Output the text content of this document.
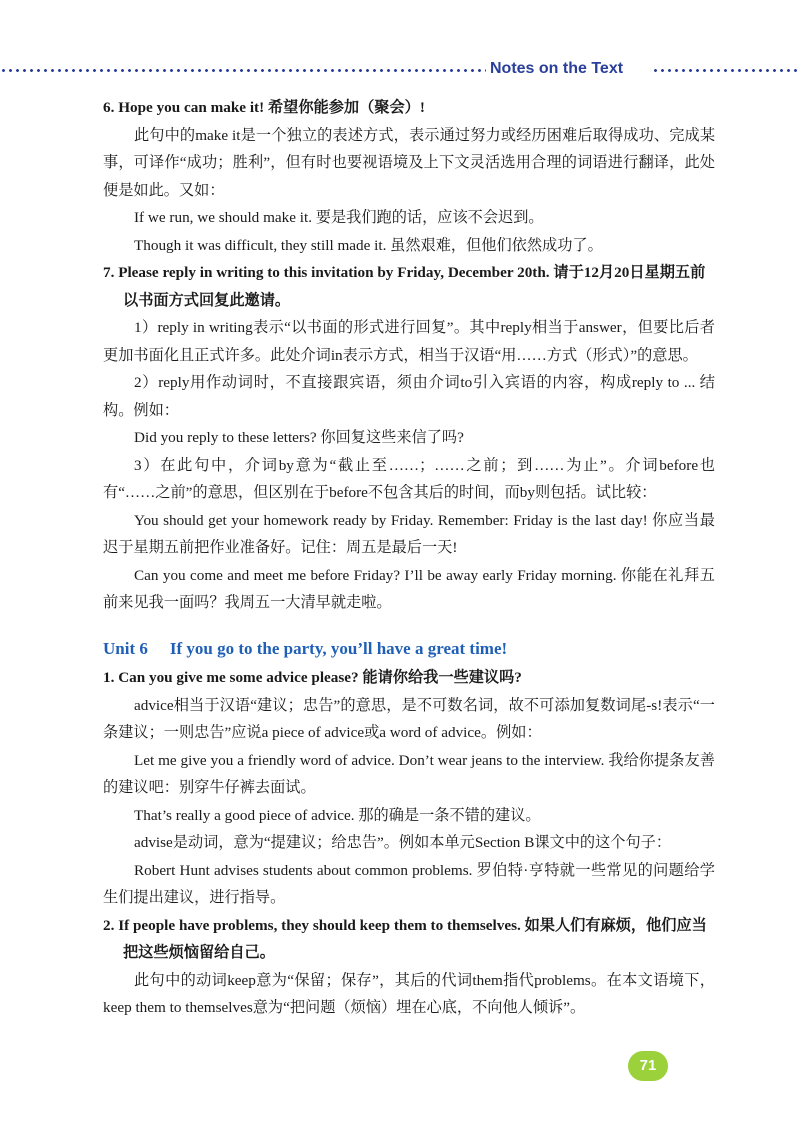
Notes on the Text

6. Hope you can make it! 希望你能参加（聚会）!

此句中的make it是一个独立的表述方式，表示通过努力或经历困难后取得成功、完成某事，可译作“成功；胜利”，但有时也要视语境及上下文灵活选用合理的词语进行翻译，此处便是如此。又如：

If we run, we should make it. 要是我们跑的话，应该不会迟到。

Though it was difficult, they still made it. 虽然艰难，但他们依然成功了。

7. Please reply in writing to this invitation by Friday, December 20th. 请于12月20日星期五前以书面方式回复此邀请。

1）reply in writing表示“以书面的形式进行回复”。其中reply相当于answer，但要比后者更加书面化且正式许多。此处介词in表示方式，相当于汉语“用……方式（形式）”的意思。

2）reply用作动词时，不直接跟宾语，须由介词to引入宾语的内容，构成reply to ... 结构。例如：

Did you reply to these letters? 你回复这些来信了吗?

3）在此句中，介词by意为“截止至……；……之前；到……为止”。介词before也有“……之前”的意思，但区别在于before不包含其后的时间，而by则包括。试比较：

You should get your homework ready by Friday. Remember: Friday is the last day! 你应当最迟于星期五前把作业准备好。记住：周五是最后一天!

Can you come and meet me before Friday? I’ll be away early Friday morning. 你能在礼拜五前来见我一面吗？我周五一大清早就走啦。

Unit 6 If you go to the party, you’ll have a great time!

1. Can you give me some advice please? 能请你给我一些建议吗?

advice相当于汉语“建议；忠告”的意思，是不可数名词，故不可添加复数词尾-s!表示“一条建议；一则忠告”应说a piece of advice或a word of advice。例如：

Let me give you a friendly word of advice. Don’t wear jeans to the interview. 我给你提条友善的建议吧：别穿牛仔裤去面试。

That’s really a good piece of advice. 那的确是一条不错的建议。

advise是动词，意为“提建议；给忠告”。例如本单元Section B课文中的这个句子：

Robert Hunt advises students about common problems. 罗伯特·亨特就一些常见的问题给学生们提出建议，进行指导。

2. If people have problems, they should keep them to themselves. 如果人们有麻烦，他们应当把这些烦恼留给自己。

此句中的动词keep意为“保留；保存”，其后的代词them指代problems。在本文语境下，keep them to themselves意为“把问题（烦恼）埋在心底，不向他人倾诉”。

71
